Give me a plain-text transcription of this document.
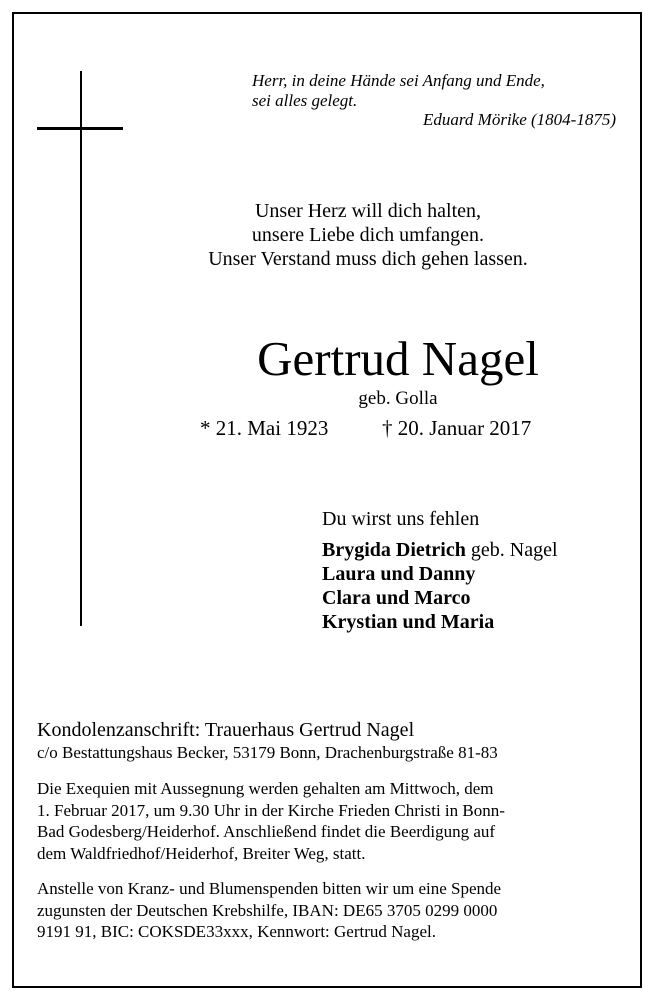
Herr, in deine Hände sei Anfang und Ende,
sei alles gelegt.
Eduard Mörike (1804-1875)
Unser Herz will dich halten,
unsere Liebe dich umfangen.
Unser Verstand muss dich gehen lassen.
Gertrud Nagel
geb. Golla
* 21. Mai 1923	† 20. Januar 2017
Du wirst uns fehlen
Brygida Dietrich geb. Nagel
Laura und Danny
Clara und Marco
Krystian und Maria
Kondolenzanschrift: Trauerhaus Gertrud Nagel
c/o Bestattungshaus Becker, 53179 Bonn, Drachenburgstraße 81-83
Die Exequien mit Aussegnung werden gehalten am Mittwoch, dem
1. Februar 2017, um 9.30 Uhr in der Kirche Frieden Christi in Bonn-
Bad Godesberg/Heiderhof. Anschließend findet die Beerdigung auf
dem Waldfriedhof/Heiderhof, Breiter Weg, statt.
Anstelle von Kranz- und Blumenspenden bitten wir um eine Spende
zugunsten der Deutschen Krebshilfe, IBAN: DE65 3705 0299 0000
9191 91, BIC: COKSDE33xxx, Kennwort: Gertrud Nagel.
